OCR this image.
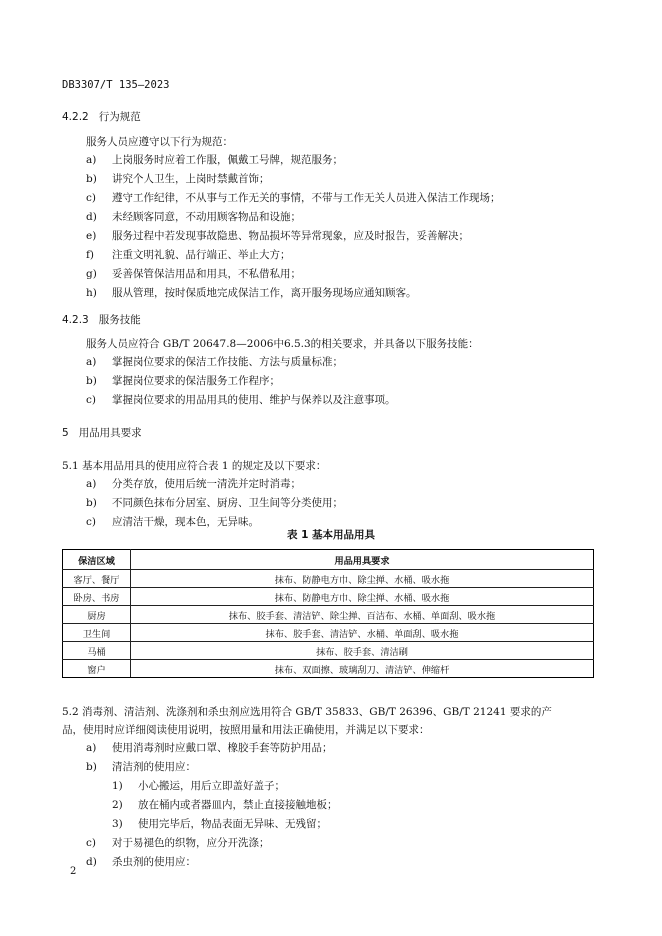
DB3307/T 135—2023
4.2.2 行为规范
服务人员应遵守以下行为规范：
a) 上岗服务时应着工作服，佩戴工号牌，规范服务；
b) 讲究个人卫生，上岗时禁戴首饰；
c) 遵守工作纪律，不从事与工作无关的事情，不带与工作无关人员进入保洁工作现场；
d) 未经顾客同意，不动用顾客物品和设施；
e) 服务过程中若发现事故隐患、物品损坏等异常现象，应及时报告，妥善解决；
f) 注重文明礼貌、品行端正、举止大方；
g) 妥善保管保洁用品和用具，不私借私用；
h) 服从管理，按时保质地完成保洁工作，离开服务现场应通知顾客。
4.2.3 服务技能
服务人员应符合 GB/T 20647.8—2006中6.5.3的相关要求，并具备以下服务技能：
a) 掌握岗位要求的保洁工作技能、方法与质量标准；
b) 掌握岗位要求的保洁服务工作程序；
c) 掌握岗位要求的用品用具的使用、维护与保养以及注意事项。
5 用品用具要求
5.1 基本用品用具的使用应符合表 1 的规定及以下要求：
a) 分类存放，使用后统一清洗并定时消毒；
b) 不同颜色抹布分居室、厨房、卫生间等分类使用；
c) 应清洁干燥，现本色，无异味。
表 1 基本用品用具
保洁区域	用品用具要求
客厅、餐厅	抹布、防静电方巾、除尘掸、水桶、吸水拖
卧房、书房	抹布、防静电方巾、除尘掸、水桶、吸水拖
厨房	抹布、胶手套、清洁铲、除尘掸、百洁布、水桶、单面刮、吸水拖
卫生间	抹布、胶手套、清洁铲、水桶、单面刮、吸水拖
马桶	抹布、胶手套、清洁刷
窗户	抹布、双面擦、玻璃刮刀、清洁铲、伸缩杆
5.2 消毒剂、清洁剂、洗涤剂和杀虫剂应选用符合 GB/T 35833、GB/T 26396、GB/T 21241 要求的产
品，使用时应详细阅读使用说明，按照用量和用法正确使用，并满足以下要求：
a) 使用消毒剂时应戴口罩、橡胶手套等防护用品；
b) 清洁剂的使用应：
1) 小心搬运，用后立即盖好盖子；
2) 放在桶内或者器皿内，禁止直接接触地板；
3) 使用完毕后，物品表面无异味、无残留；
c) 对于易褪色的织物，应分开洗涤；
d) 杀虫剂的使用应：
2
